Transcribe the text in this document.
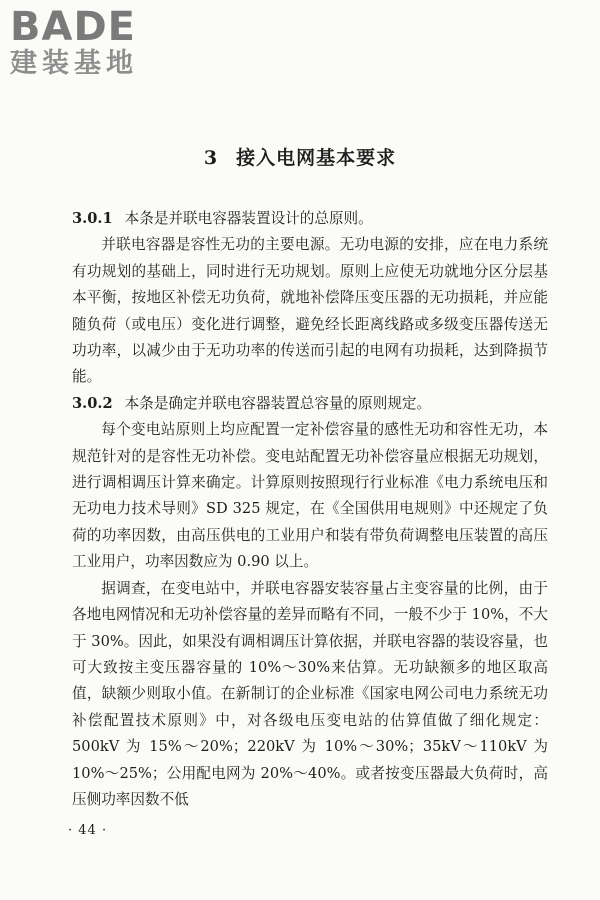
BADE
建装基地
3 接入电网基本要求

3.0.1 本条是并联电容器装置设计的总原则。

并联电容器是容性无功的主要电源。无功电源的安排，应在电力系统有功规划的基础上，同时进行无功规划。原则上应使无功就地分区分层基本平衡，按地区补偿无功负荷，就地补偿降压变压器的无功损耗，并应能随负荷（或电压）变化进行调整，避免经长距离线路或多级变压器传送无功功率，以减少由于无功功率的传送而引起的电网有功损耗，达到降损节能。

3.0.2 本条是确定并联电容器装置总容量的原则规定。

每个变电站原则上均应配置一定补偿容量的感性无功和容性无功，本规范针对的是容性无功补偿。变电站配置无功补偿容量应根据无功规划，进行调相调压计算来确定。计算原则按照现行行业标准《电力系统电压和无功电力技术导则》SD 325 规定，在《全国供用电规则》中还规定了负荷的功率因数，由高压供电的工业用户和装有带负荷调整电压装置的高压工业用户，功率因数应为 0.90 以上。

据调查，在变电站中，并联电容器安装容量占主变容量的比例，由于各地电网情况和无功补偿容量的差异而略有不同，一般不少于 10%，不大于 30%。因此，如果没有调相调压计算依据，并联电容器的装设容量，也可大致按主变压器容量的 10%～30%来估算。无功缺额多的地区取高值，缺额少则取小值。在新制订的企业标准《国家电网公司电力系统无功补偿配置技术原则》中，对各级电压变电站的估算值做了细化规定：500kV 为 15%～20%；220kV 为 10%～30%；35kV～110kV 为 10%～25%；公用配电网为 20%～40%。或者按变压器最大负荷时，高压侧功率因数不低

· 44 ·
